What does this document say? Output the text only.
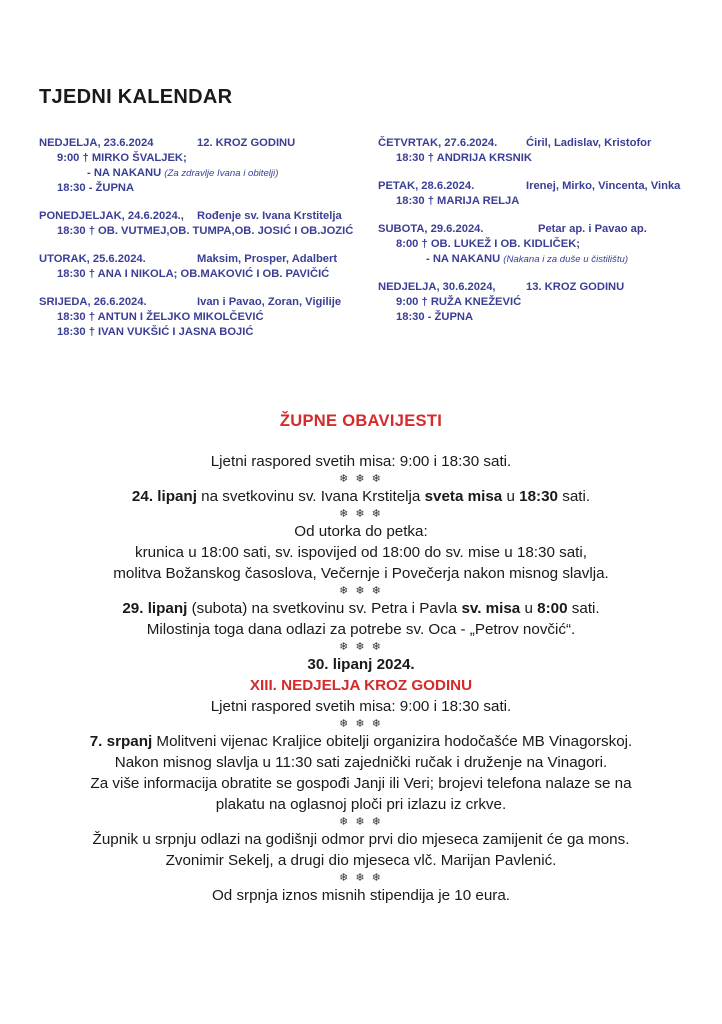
TJEDNI KALENDAR
NEDJELJA, 23.6.2024	12. KROZ GODINU
9:00 † MIRKO ŠVALJEK;
- NA NAKANU (Za zdravlje Ivana i obitelji)
18:30 - ŽUPNA
PONEDJELJAK, 24.6.2024., Rođenje sv. Ivana Krstitelja
18:30 † OB. VUTMEJ,OB. TUMPA,OB. JOSIĆ I OB.JOZIĆ
UTORAK, 25.6.2024.	Maksim, Prosper, Adalbert
18:30 † ANA I NIKOLA; OB.MAKOVIĆ I OB. PAVIČIĆ
SRIJEDA, 26.6.2024.	Ivan i Pavao, Zoran, Vigilije
18:30 † ANTUN I ŽELJKO MIKOLČEVIĆ
18:30 † IVAN VUKŠIĆ I JASNA BOJIĆ
ČETVRTAK, 27.6.2024.	Ćiril, Ladislav, Kristofor
18:30 † ANDRIJA KRSNIK
PETAK, 28.6.2024.	Irenej, Mirko, Vincenta, Vinka
18:30 † MARIJA RELJA
SUBOTA, 29.6.2024.	Petar ap. i Pavao ap.
8:00 † OB. LUKEŽ I OB. KIDLIČEK;
- NA NAKANU (Nakana i za duše u čistilištu)
NEDJELJA, 30.6.2024,	13. KROZ GODINU
9:00 † RUŽA KNEŽEVIĆ
18:30 - ŽUPNA
ŽUPNE OBAVIJESTI
Ljetni raspored svetih misa: 9:00 i 18:30 sati.
❄ ❄ ❄
24. lipanj na svetkovinu sv. Ivana Krstitelja sveta misa u 18:30 sati.
❄ ❄ ❄
Od utorka do petka:
krunica u 18:00 sati, sv. ispovijed od 18:00 do sv. mise u 18:30 sati,
molitva Božanskog časoslova, Večernje i Povečerja nakon misnog slavlja.
❄ ❄ ❄
29. lipanj (subota) na svetkovinu sv. Petra i Pavla sv. misa u 8:00 sati.
Milostinja toga dana odlazi za potrebe sv. Oca - „Petrov novčić“.
❄ ❄ ❄
30. lipanj 2024.
XIII. NEDJELJA KROZ GODINU
Ljetni raspored svetih misa: 9:00 i 18:30 sati.
❄ ❄ ❄
7. srpanj Molitveni vijenac Kraljice obitelji organizira hodočašće MB Vinagorskoj.
Nakon misnog slavlja u 11:30 sati zajednički ručak i druženje na Vinagori.
Za više informacija obratite se gospođi Janji ili Veri; brojevi telefona nalaze se na
plakatu na oglasnoj ploči pri izlazu iz crkve.
❄ ❄ ❄
Župnik u srpnju odlazi na godišnji odmor prvi dio mjeseca zamijenit će ga mons.
Zvonimir Sekelj, a drugi dio mjeseca vlč. Marijan Pavlenić.
❄ ❄ ❄
Od srpnja iznos misnih stipendija je 10 eura.
